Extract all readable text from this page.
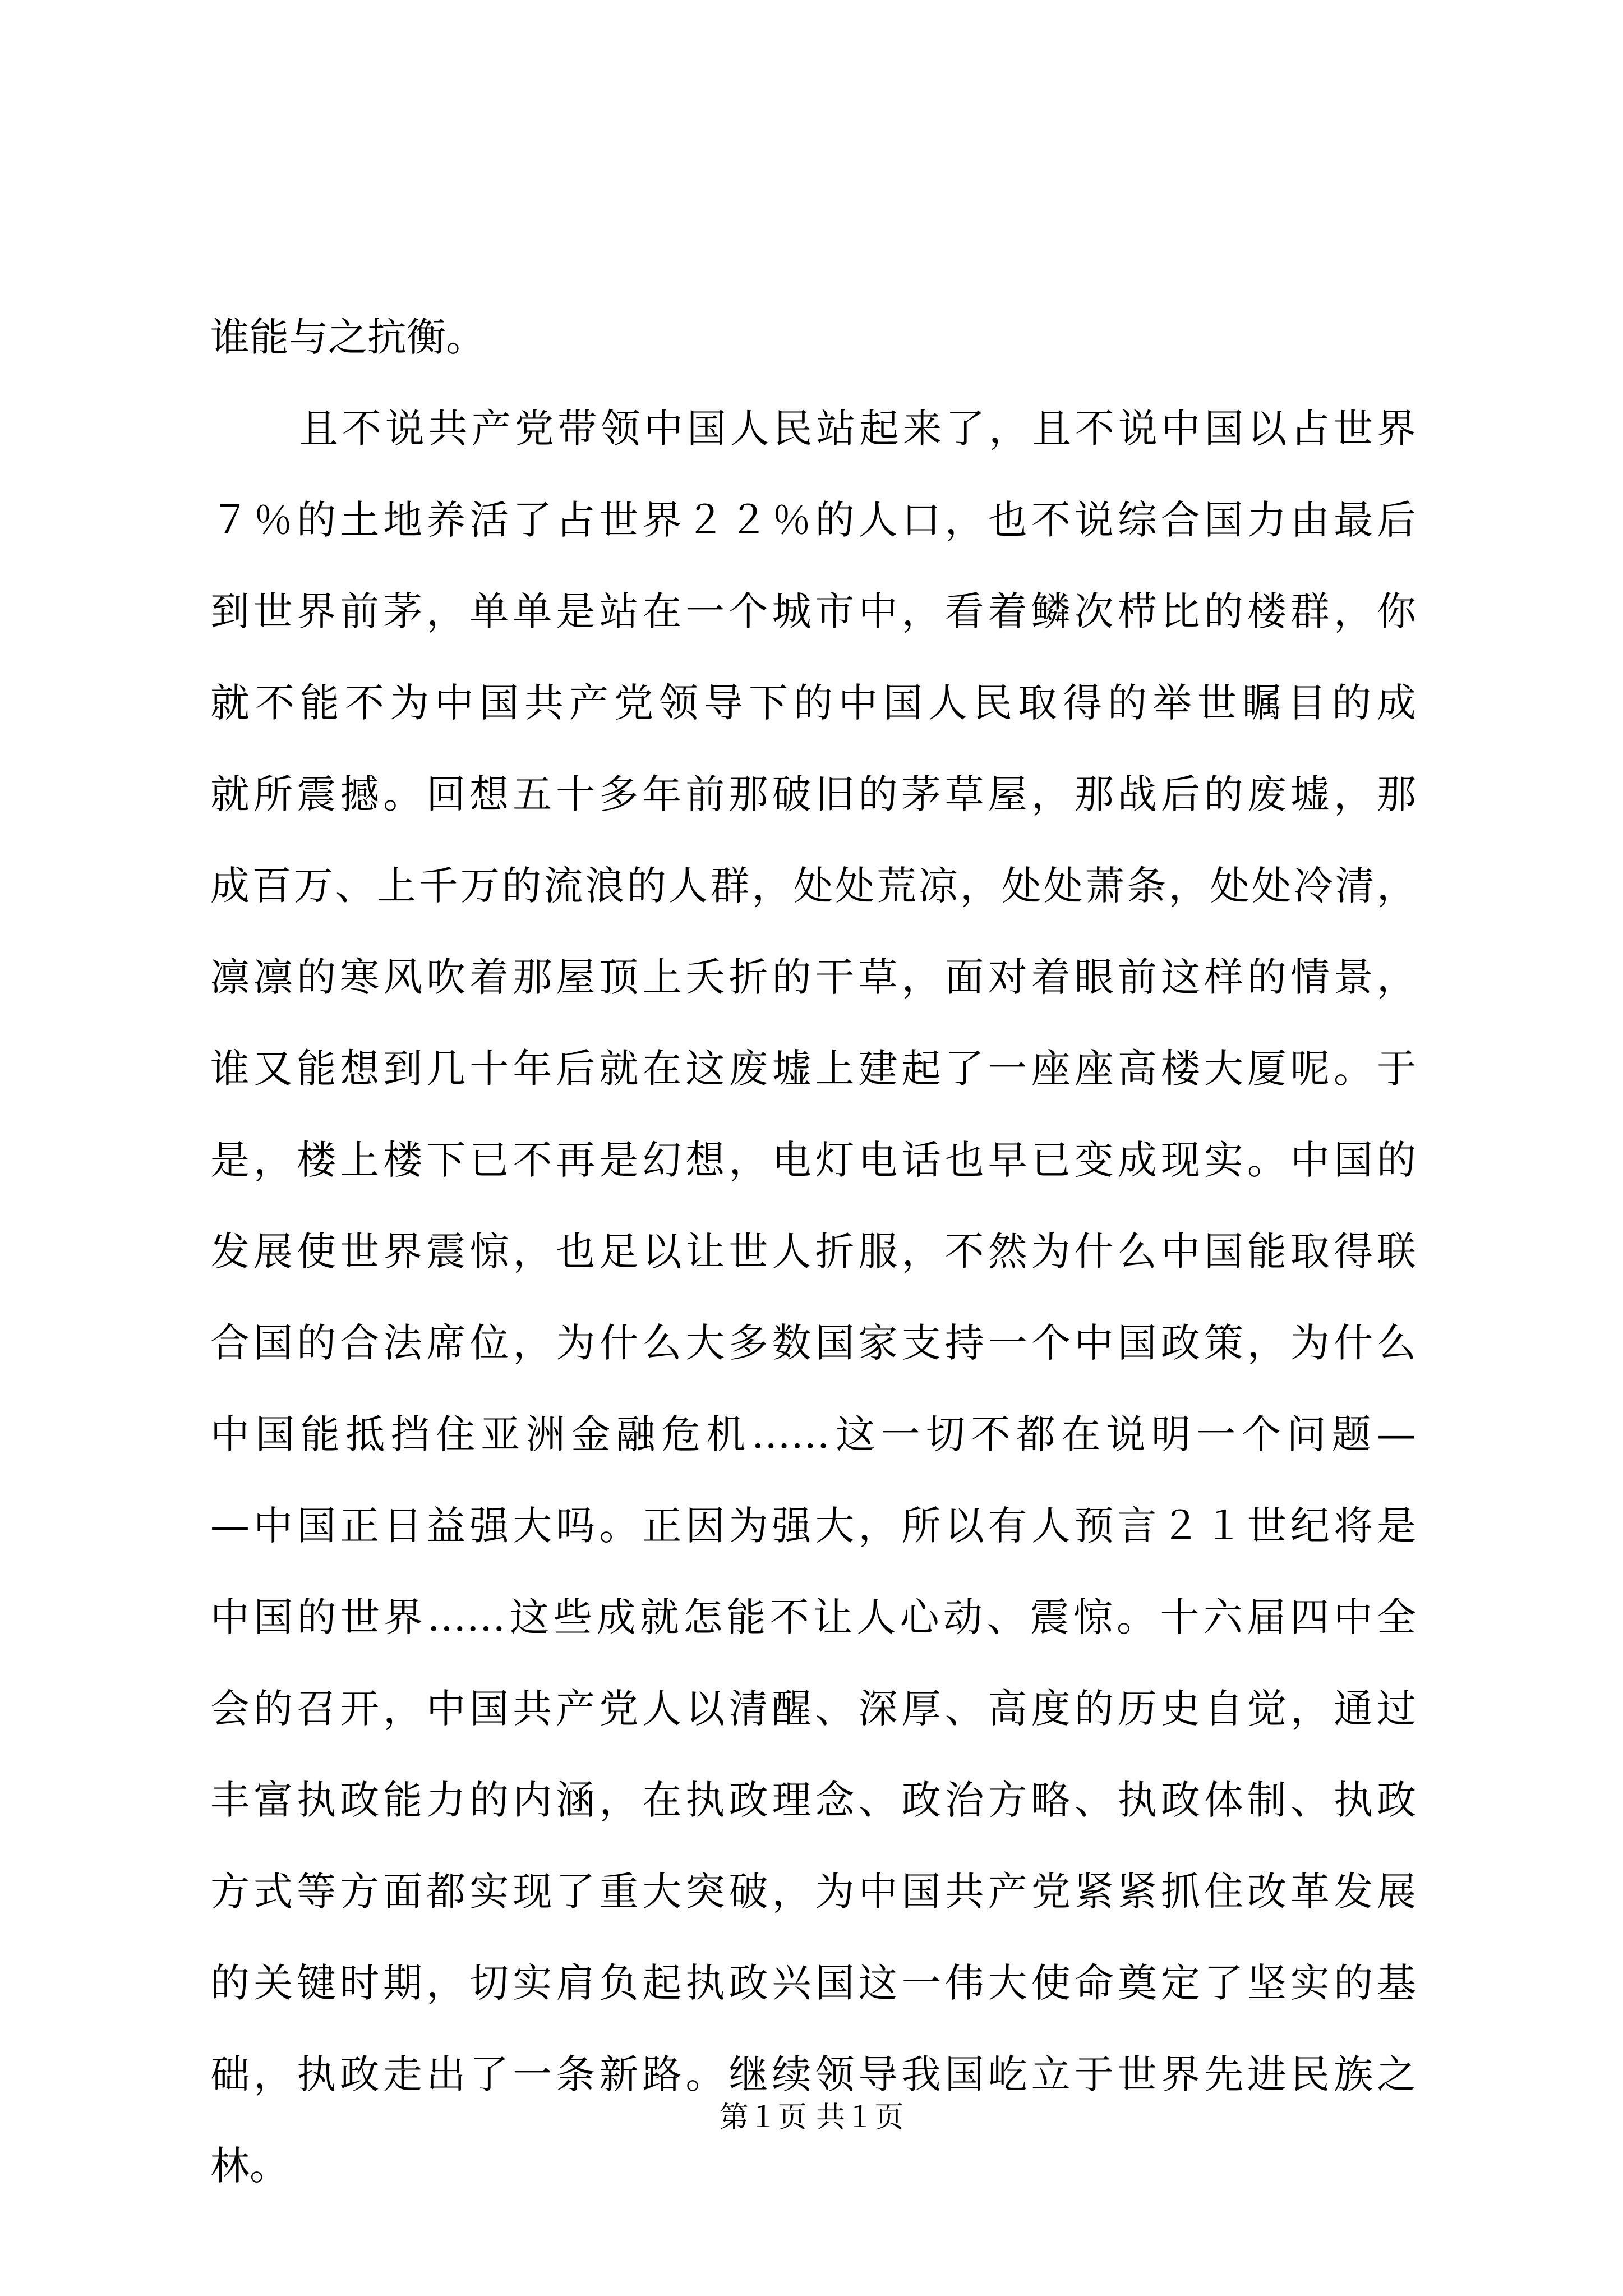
谁能与之抗衡。
且不说共产党带领中国人民站起来了，且不说中国以占世界
７％的土地养活了占世界２２％的人口，也不说综合国力由最后
到世界前茅，单单是站在一个城市中，看着鳞次栉比的楼群，你
就不能不为中国共产党领导下的中国人民取得的举世瞩目的成
就所震撼。回想五十多年前那破旧的茅草屋，那战后的废墟，那
成百万、上千万的流浪的人群，处处荒凉，处处萧条，处处冷清，
凛凛的寒风吹着那屋顶上夭折的干草，面对着眼前这样的情景，
谁又能想到几十年后就在这废墟上建起了一座座高楼大厦呢。于
是，楼上楼下已不再是幻想，电灯电话也早已变成现实。中国的
发展使世界震惊，也足以让世人折服，不然为什么中国能取得联
合国的合法席位，为什么大多数国家支持一个中国政策，为什么
中国能抵挡住亚洲金融危机……这一切不都在说明一个问题—
—中国正日益强大吗。正因为强大，所以有人预言２１世纪将是
中国的世界……这些成就怎能不让人心动、震惊。十六届四中全
会的召开，中国共产党人以清醒、深厚、高度的历史自觉，通过
丰富执政能力的内涵，在执政理念、政治方略、执政体制、执政
方式等方面都实现了重大突破，为中国共产党紧紧抓住改革发展
的关键时期，切实肩负起执政兴国这一伟大使命奠定了坚实的基
础，执政走出了一条新路。继续领导我国屹立于世界先进民族之
林。
第１页 共１页
